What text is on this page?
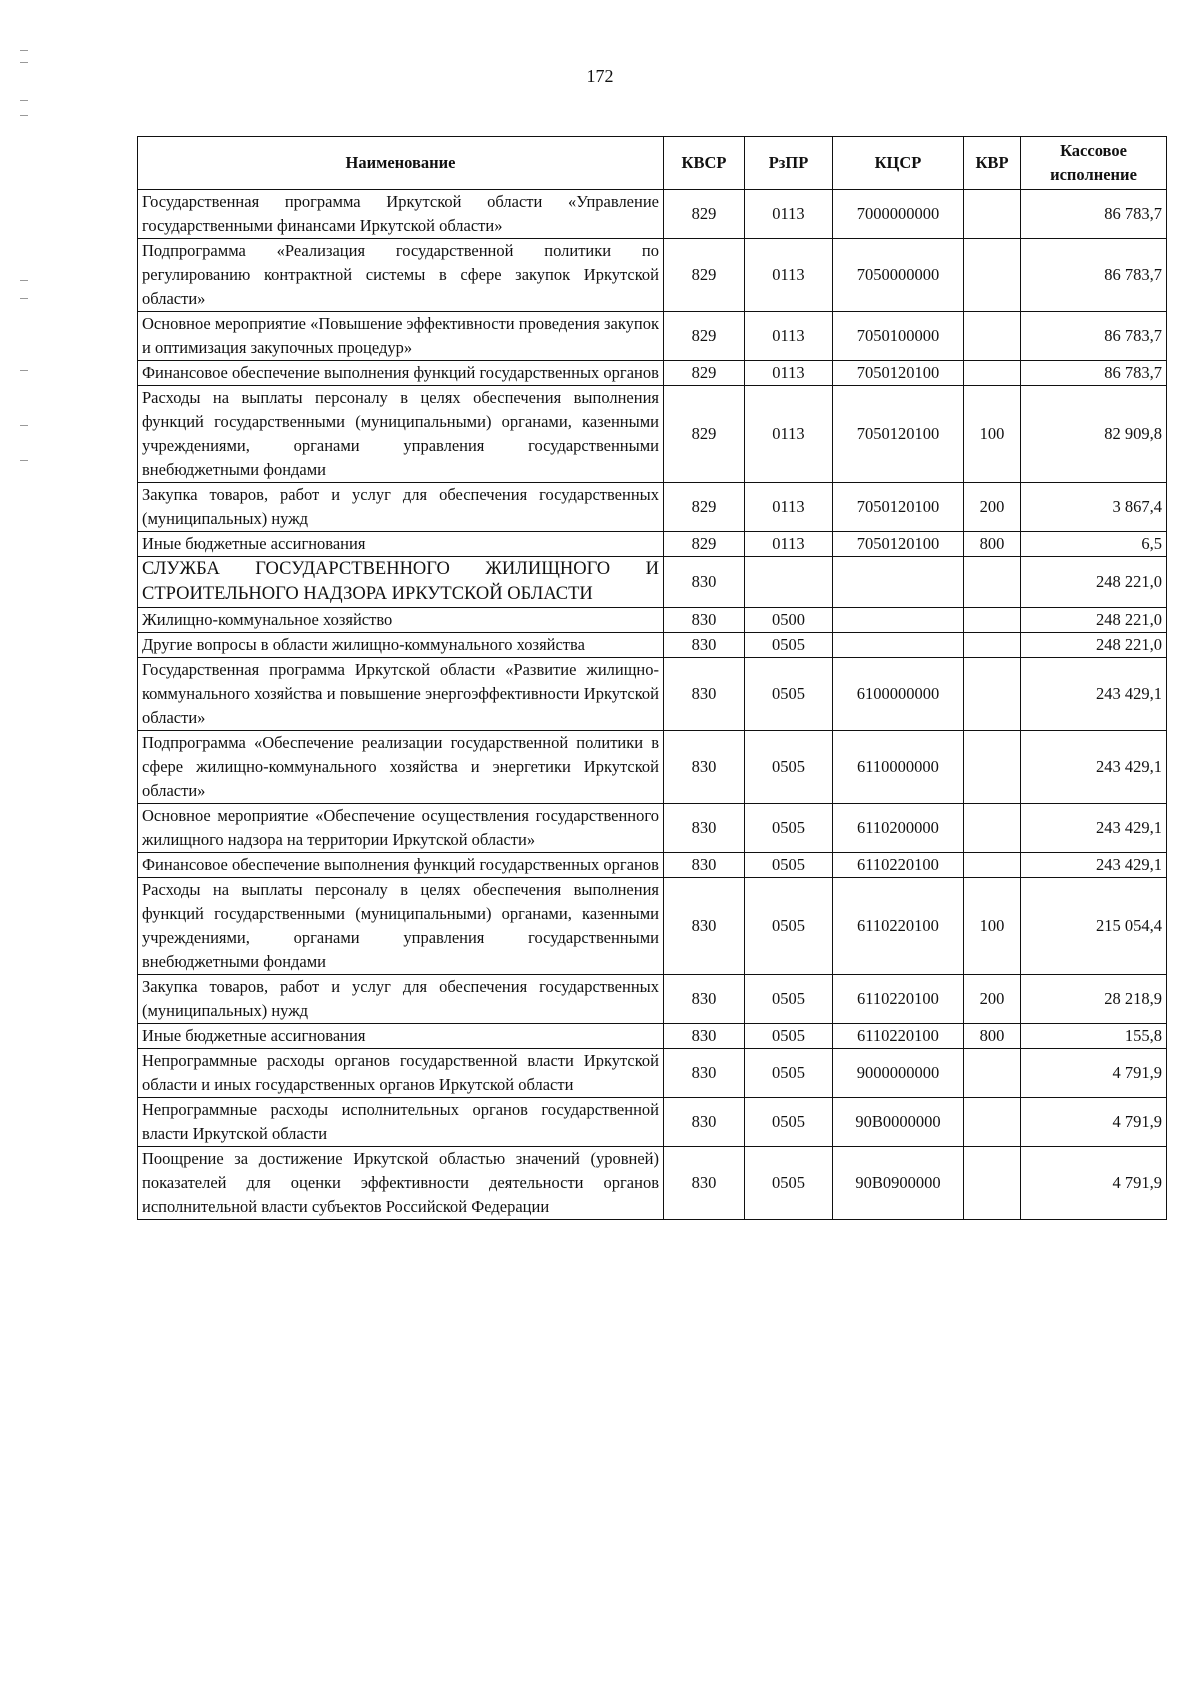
172
Наименование	КВСР	РзПР	КЦСР	КВР	Кассовое исполнение
Государственная программа Иркутской области «Управление государственными финансами Иркутской области»	829	0113	7000000000		86 783,7
Подпрограмма «Реализация государственной политики по регулированию контрактной системы в сфере закупок Иркутской области»	829	0113	7050000000		86 783,7
Основное мероприятие «Повышение эффективности проведения закупок и оптимизация закупочных процедур»	829	0113	7050100000		86 783,7
Финансовое обеспечение выполнения функций государственных органов	829	0113	7050120100		86 783,7
Расходы на выплаты персоналу в целях обеспечения выполнения функций государственными (муниципальными) органами, казенными учреждениями, органами управления государственными внебюджетными фондами	829	0113	7050120100	100	82 909,8
Закупка товаров, работ и услуг для обеспечения государственных (муниципальных) нужд	829	0113	7050120100	200	3 867,4
Иные бюджетные ассигнования	829	0113	7050120100	800	6,5
СЛУЖБА ГОСУДАРСТВЕННОГО ЖИЛИЩНОГО И СТРОИТЕЛЬНОГО НАДЗОРА ИРКУТСКОЙ ОБЛАСТИ	830				248 221,0
Жилищно-коммунальное хозяйство	830	0500			248 221,0
Другие вопросы в области жилищно-коммунального хозяйства	830	0505			248 221,0
Государственная программа Иркутской области «Развитие жилищно-коммунального хозяйства и повышение энергоэффективности Иркутской области»	830	0505	6100000000		243 429,1
Подпрограмма «Обеспечение реализации государственной политики в сфере жилищно-коммунального хозяйства и энергетики Иркутской области»	830	0505	6110000000		243 429,1
Основное мероприятие «Обеспечение осуществления государственного жилищного надзора на территории Иркутской области»	830	0505	6110200000		243 429,1
Финансовое обеспечение выполнения функций государственных органов	830	0505	6110220100		243 429,1
Расходы на выплаты персоналу в целях обеспечения выполнения функций государственными (муниципальными) органами, казенными учреждениями, органами управления государственными внебюджетными фондами	830	0505	6110220100	100	215 054,4
Закупка товаров, работ и услуг для обеспечения государственных (муниципальных) нужд	830	0505	6110220100	200	28 218,9
Иные бюджетные ассигнования	830	0505	6110220100	800	155,8
Непрограммные расходы органов государственной власти Иркутской области и иных государственных органов Иркутской области	830	0505	9000000000		4 791,9
Непрограммные расходы исполнительных органов государственной власти Иркутской области	830	0505	90В0000000		4 791,9
Поощрение за достижение Иркутской областью значений (уровней) показателей для оценки эффективности деятельности органов исполнительной власти субъектов Российской Федерации	830	0505	90В0900000		4 791,9
